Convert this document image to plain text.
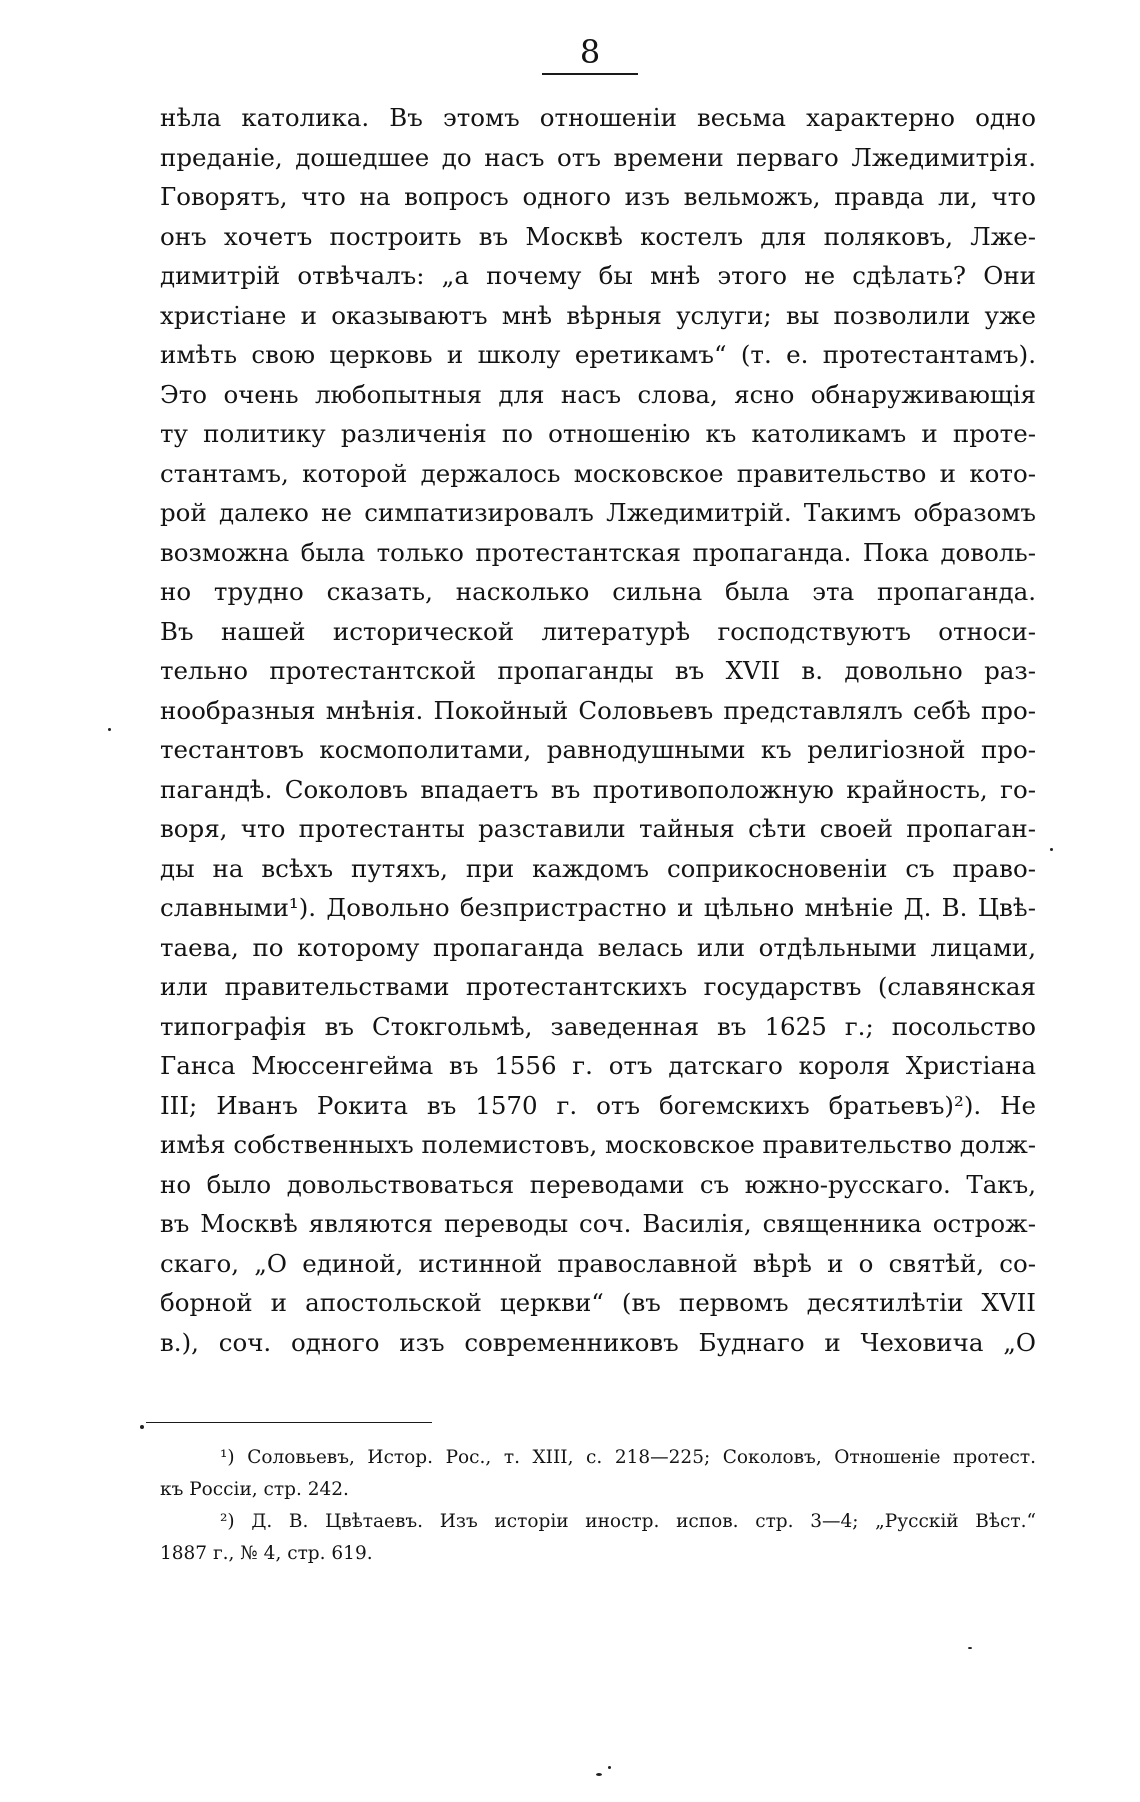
8
нѣла католика. Въ этомъ отношеніи весьма характерно одно
преданіе, дошедшее до насъ отъ времени перваго Лжедимитрія.
Говорятъ, что на вопросъ одного изъ вельможъ, правда ли, что
онъ хочетъ построить въ Москвѣ костелъ для поляковъ, Лже-
димитрій отвѣчалъ: „а почему бы мнѣ этого не сдѣлать? Они
христіане и оказываютъ мнѣ вѣрныя услуги; вы позволили уже
имѣть свою церковь и школу еретикамъ“ (т. е. протестантамъ).
Это очень любопытныя для насъ слова, ясно обнаруживающія
ту политику различенія по отношенію къ католикамъ и проте-
стантамъ, которой держалось московское правительство и кото-
рой далеко не симпатизировалъ Лжедимитрій. Такимъ образомъ
возможна была только протестантская пропаганда. Пока доволь-
но трудно сказать, насколько сильна была эта пропаганда.
Въ нашей исторической литературѣ господствуютъ относи-
тельно протестантской пропаганды въ XVII в. довольно раз-
нообразныя мнѣнія. Покойный Соловьевъ представлялъ себѣ про-
тестантовъ космополитами, равнодушными къ религіозной про-
пагандѣ. Соколовъ впадаетъ въ противоположную крайность, го-
воря, что протестанты разставили тайныя сѣти своей пропаган-
ды на всѣхъ путяхъ, при каждомъ соприкосновеніи съ право-
славными¹). Довольно безпристрастно и цѣльно мнѣніе Д. В. Цвѣ-
таева, по которому пропаганда велась или отдѣльными лицами,
или правительствами протестантскихъ государствъ (славянская
типографія въ Стокгольмѣ, заведенная въ 1625 г.; посольство
Ганса Мюссенгейма въ 1556 г. отъ датскаго короля Христіана
III; Иванъ Рокита въ 1570 г. отъ богемскихъ братьевъ)²). Не
имѣя собственныхъ полемистовъ, московское правительство долж-
но было довольствоваться переводами съ южно-русскаго. Такъ,
въ Москвѣ являются переводы соч. Василія, священника острож-
скаго, „О единой, истинной православной вѣрѣ и о святѣй, со-
борной и апостольской церкви“ (въ первомъ десятилѣтіи XVII
в.), соч. одного изъ современниковъ Буднаго и Чеховича „О
¹) Соловьевъ, Истор. Рос., т. XIII, с. 218—225; Соколовъ, Отношеніе протест.
къ Россіи, стр. 242.
²) Д. В. Цвѣтаевъ. Изъ исторіи иностр. испов. стр. 3—4; „Русскій Вѣст.“
1887 г., № 4, стр. 619.
